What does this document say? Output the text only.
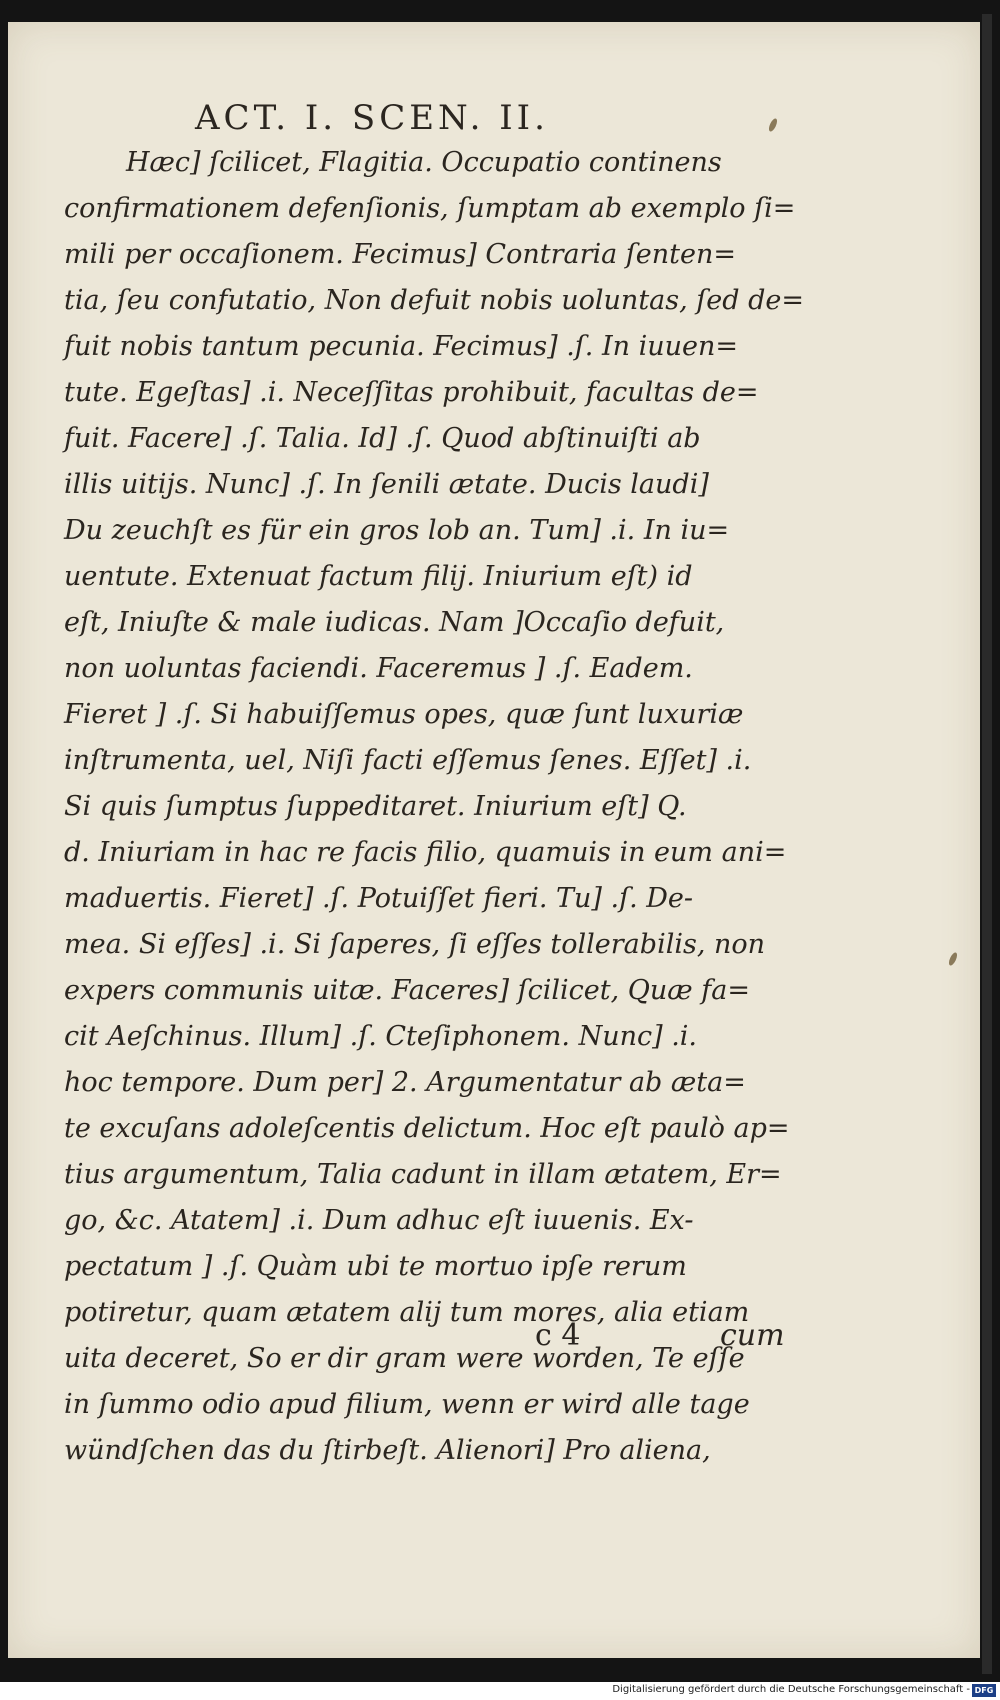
ACT. I. SCEN. II.
Hæc] ſcilicet, Flagitia. Occupatio continens
confirmationem defenſionis, ſumptam ab exemplo ſi=
mili per occaſionem. Fecimus] Contraria ſenten=
tia, ſeu confutatio, Non defuit nobis uoluntas, ſed de=
fuit nobis tantum pecunia. Fecimus] .ſ. In iuuen=
tute. Egeſtas] .i. Neceſſitas prohibuit, facultas de=
fuit. Facere] .ſ. Talia. Id] .ſ. Quod abſtinuiſti ab
illis uitijs. Nunc] .ſ. In ſenili ætate. Ducis laudi]
Du zeuchſt es für ein gros lob an. Tum] .i. In iu=
uentute. Extenuat factum filij. Iniurium eſt) id
eſt, Iniuſte & male iudicas. Nam ]Occaſio defuit,
non uoluntas faciendi. Faceremus ] .ſ. Eadem.
Fieret ] .ſ. Si habuiſſemus opes, quæ ſunt luxuriæ
inſtrumenta, uel, Niſi facti eſſemus ſenes. Eſſet] .i.
Si quis ſumptus ſuppeditaret. Iniurium eſt] Q.
d. Iniuriam in hac re facis filio, quamuis in eum ani=
maduertis. Fieret] .ſ. Potuiſſet fieri. Tu] .ſ. De-
mea. Si eſſes] .i. Si ſaperes, ſi eſſes tollerabilis, non
expers communis uitæ. Faceres] ſcilicet, Quæ fa=
cit Aeſchinus. Illum] .ſ. Cteſiphonem. Nunc] .i.
hoc tempore. Dum per] 2. Argumentatur ab æta=
te excuſans adoleſcentis delictum. Hoc eſt paulò ap=
tius argumentum, Talia cadunt in illam ætatem, Er=
go, &c. Atatem] .i. Dum adhuc eſt iuuenis. Ex-
pectatum ] .ſ. Quàm ubi te mortuo ipſe rerum
potiretur, quam ætatem alij tum mores, alia etiam
uita deceret, So er dir gram were worden, Te eſſe
in ſummo odio apud filium, wenn er wird alle tage
wündſchen das du ſtirbeſt. Alienori] Pro aliena,
c 4	cum
Digitalisierung gefördert durch die Deutsche Forschungsgemeinschaft - DFG
